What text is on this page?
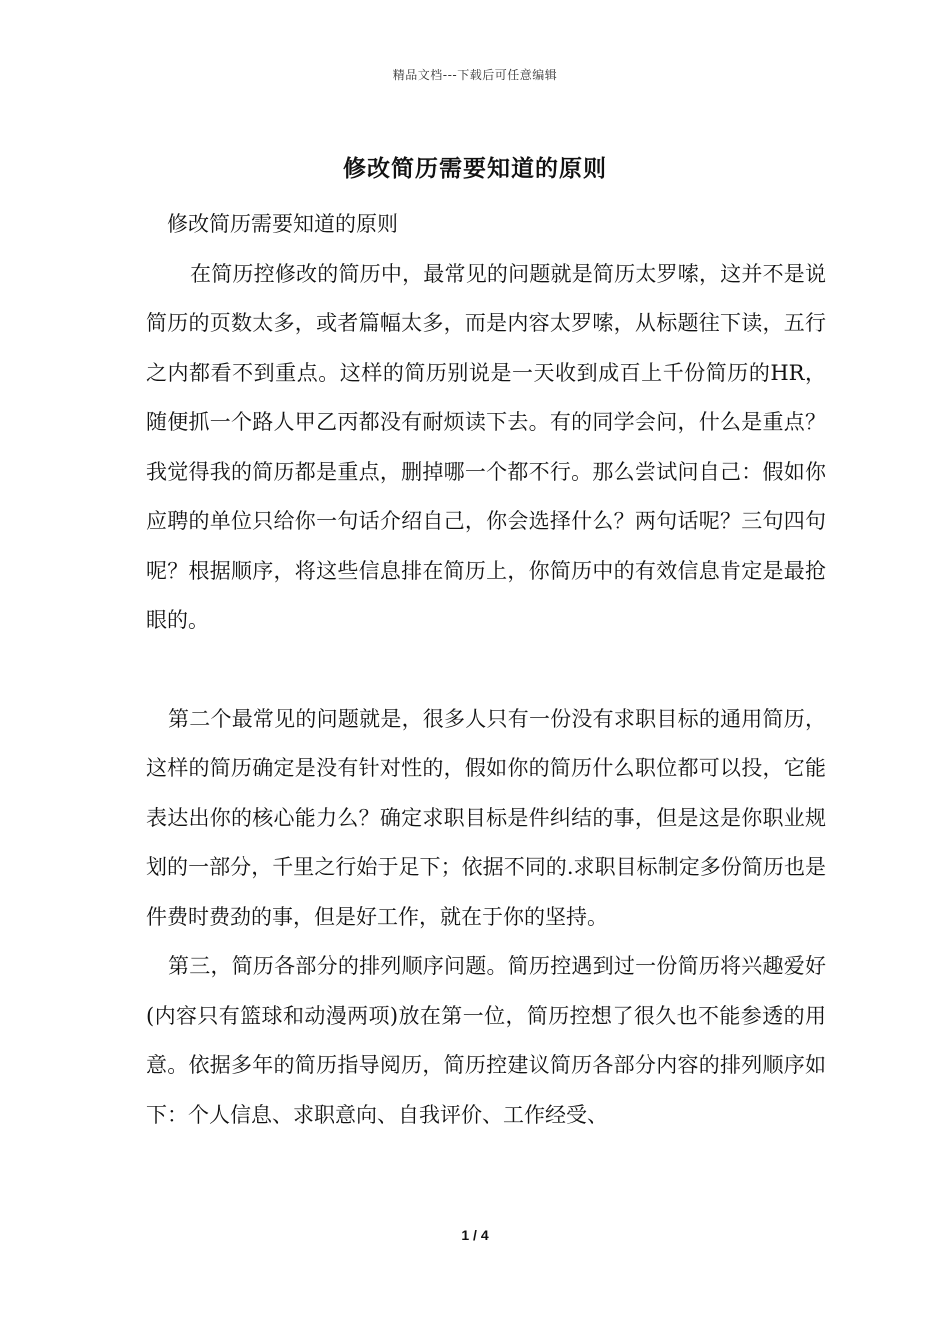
精品文档---下载后可任意编辑
修改简历需要知道的原则

修改简历需要知道的原则

在简历控修改的简历中，最常见的问题就是简历太罗嗦，这并不是说简历的页数太多，或者篇幅太多，而是内容太罗嗦，从标题往下读，五行之内都看不到重点。这样的简历别说是一天收到成百上千份简历的HR，随便抓一个路人甲乙丙都没有耐烦读下去。有的同学会问，什么是重点？我觉得我的简历都是重点，删掉哪一个都不行。那么尝试问自己：假如你应聘的单位只给你一句话介绍自己，你会选择什么？两句话呢？三句四句呢？根据顺序，将这些信息排在简历上，你简历中的有效信息肯定是最抢眼的。

第二个最常见的问题就是，很多人只有一份没有求职目标的通用简历，这样的简历确定是没有针对性的，假如你的简历什么职位都可以投，它能表达出你的核心能力么？确定求职目标是件纠结的事，但是这是你职业规划的一部分，千里之行始于足下；依据不同的.求职目标制定多份简历也是件费时费劲的事，但是好工作，就在于你的坚持。

第三，简历各部分的排列顺序问题。简历控遇到过一份简历将兴趣爱好(内容只有篮球和动漫两项)放在第一位，简历控想了很久也不能参透的用意。依据多年的简历指导阅历，简历控建议简历各部分内容的排列顺序如下：个人信息、求职意向、自我评价、工作经受、

1 / 4
